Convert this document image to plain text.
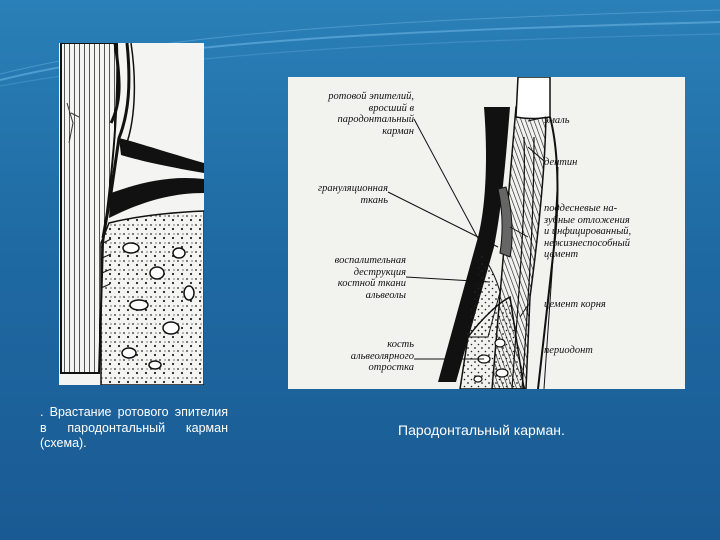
ротовой эпителий,
вросший в
пародонтальный
карман
грануляционная
ткань
воспалительная
деструкция
костной ткани
альвеолы
кость
альвеолярного
отростка
эмаль
дентин
поддесневые на-
зубные отложения
и инфицированный,
нежизнеспособный
цемент
цемент корня
периодонт
. Врастание ротового эпителия в пародонтальный карман (схема).
Пародонтальный карман.
